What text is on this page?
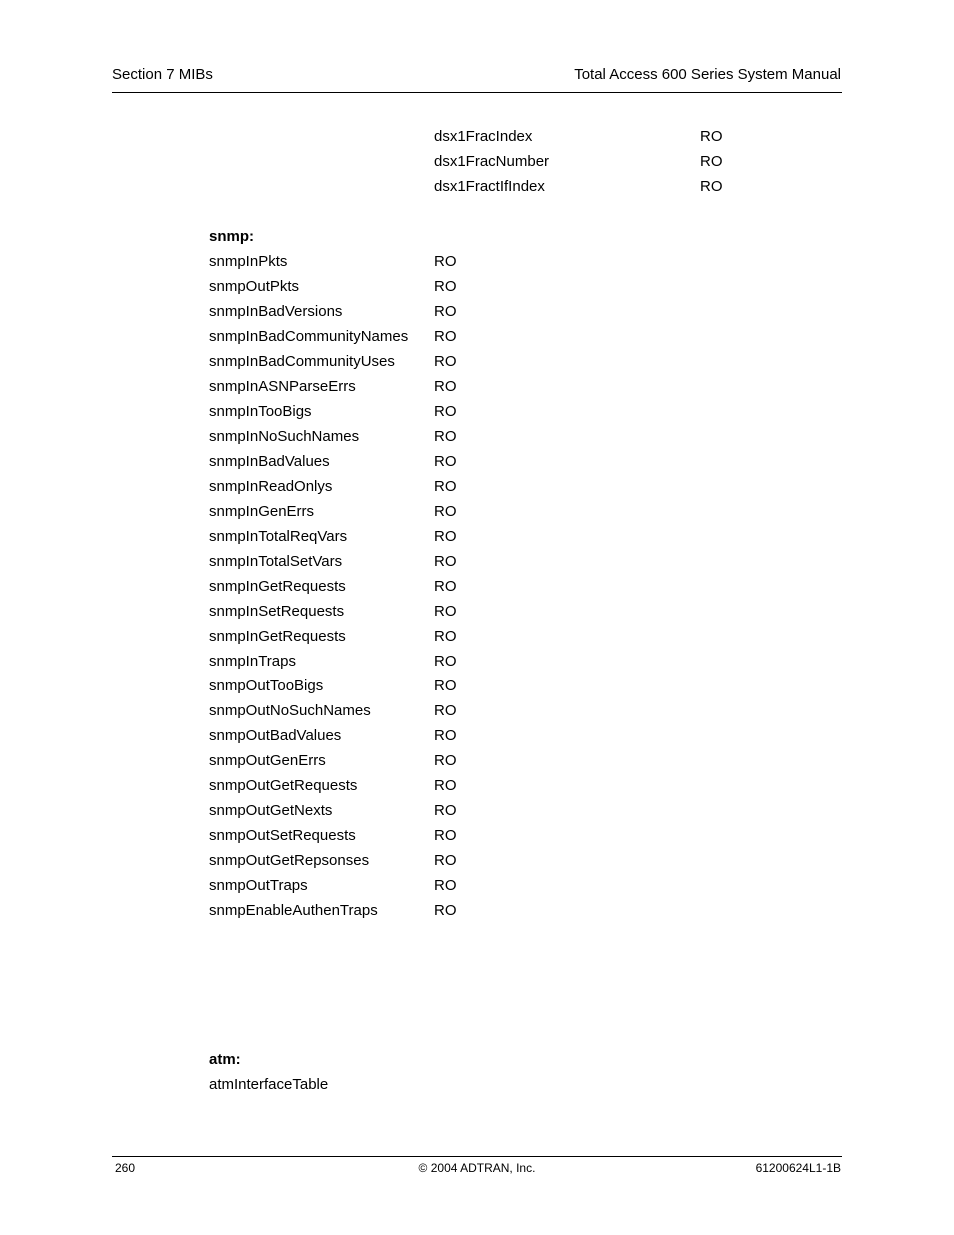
Section 7 MIBs	Total Access 600 Series System Manual
dsx1FracIndex	RO
dsx1FracNumber	RO
dsx1FractIfIndex	RO
snmp:
snmpInPkts	RO
snmpOutPkts	RO
snmpInBadVersions	RO
snmpInBadCommunityNames RO
snmpInBadCommunityUses	RO
snmpInASNParseErrs	RO
snmpInTooBigs	RO
snmpInNoSuchNames	RO
snmpInBadValues	RO
snmpInReadOnlys	RO
snmpInGenErrs	RO
snmpInTotalReqVars	RO
snmpInTotalSetVars	RO
snmpInGetRequests	RO
snmpInSetRequests	RO
snmpInGetRequests	RO
snmpInTraps	RO
snmpOutTooBigs	RO
snmpOutNoSuchNames	RO
snmpOutBadValues	RO
snmpOutGenErrs	RO
snmpOutGetRequests	RO
snmpOutGetNexts	RO
snmpOutSetRequests	RO
snmpOutGetRepsonses	RO
snmpOutTraps	RO
snmpEnableAuthenTraps	RO
atm:
atmInterfaceTable
260	© 2004 ADTRAN, Inc.	61200624L1-1B
